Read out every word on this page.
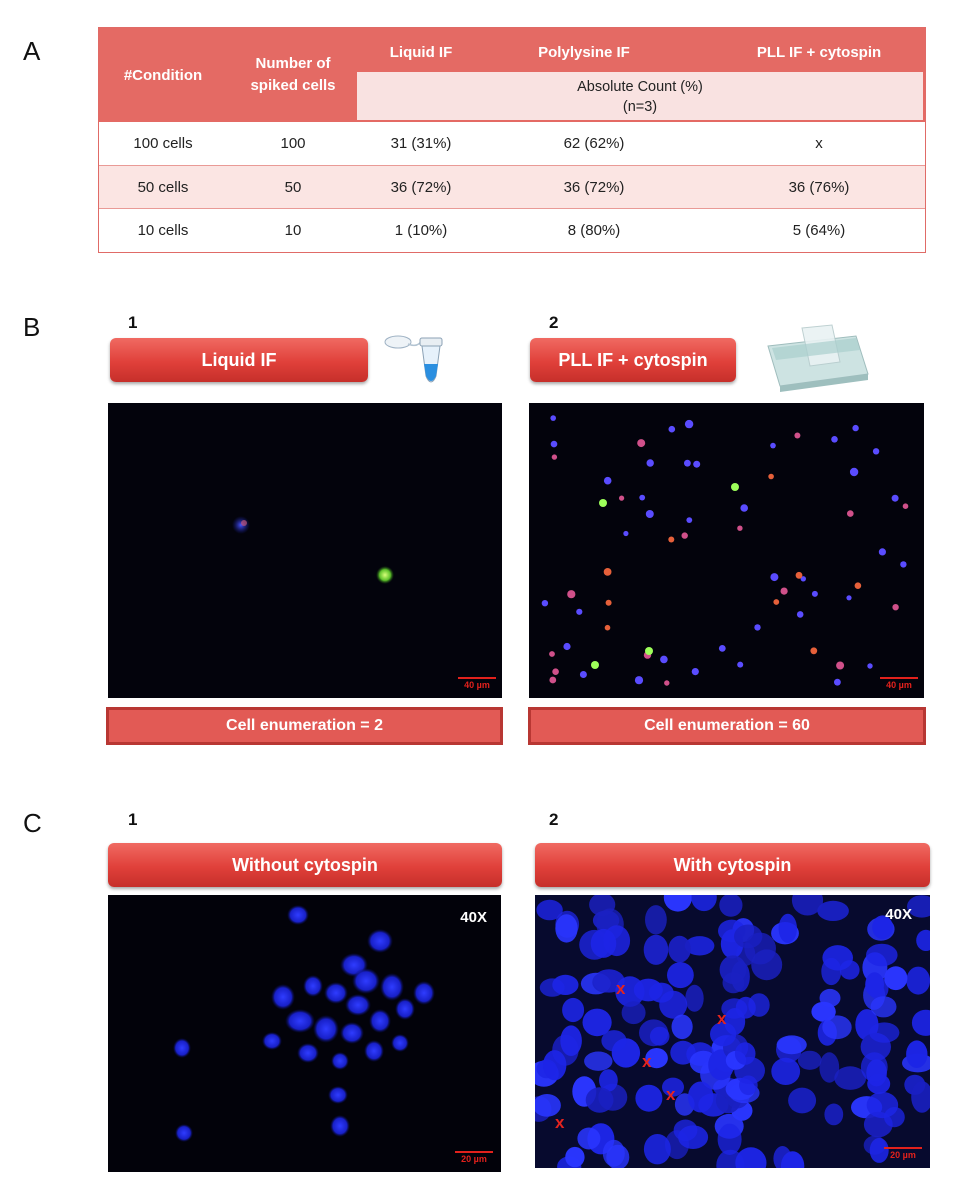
A
#Condition
Number of
spiked cells
Liquid IF	Polylysine IF	PLL IF + cytospin
Absolute Count (%)
(n=3)
100 cells	100	31 (31%)	62 (62%)	x
50 cells	50	36 (72%)	36 (72%)	36 (76%)
10 cells	10	1 (10%)	8 (80%)	5 (64%)
B	1
Liquid IF
40 µm
Cell enumeration = 2
2
PLL IF + cytospin
40 µm
Cell enumeration = 60
C	1
Without cytospin
40X
20 µm
2
With cytospin
40X
x
x
x
x
x
20 µm
